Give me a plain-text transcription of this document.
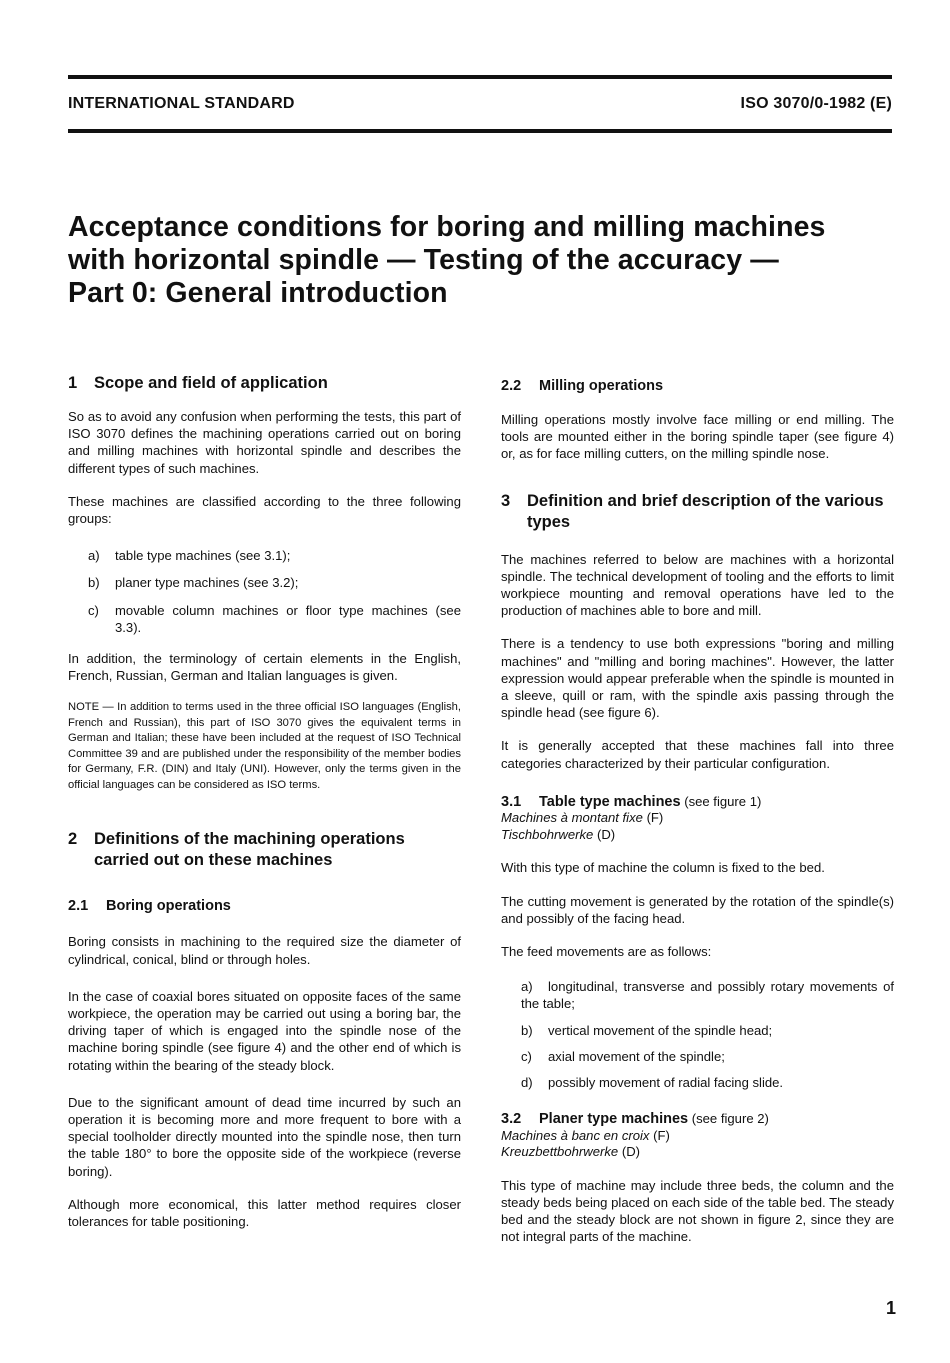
INTERNATIONAL STANDARD	ISO 3070/0-1982 (E)
Acceptance conditions for boring and milling machines
with horizontal spindle — Testing of the accuracy —
Part 0: General introduction
1	Scope and field of application

So as to avoid any confusion when performing the tests, this part of ISO 3070 defines the machining operations carried out on boring and milling machines with horizontal spindle and describes the different types of such machines.

These machines are classified according to the three following groups:

a)	table type machines (see 3.1);
b)	planer type machines (see 3.2);
c)	movable column machines or floor type machines (see 3.3).

In addition, the terminology of certain elements in the English, French, Russian, German and Italian languages is given.

NOTE — In addition to terms used in the three official ISO languages (English, French and Russian), this part of ISO 3070 gives the equivalent terms in German and Italian; these have been included at the request of ISO Technical Committee 39 and are published under the responsibility of the member bodies for Germany, F.R. (DIN) and Italy (UNI). However, only the terms given in the official languages can be considered as ISO terms.

2	Definitions of the machining operations carried out on these machines
2.1	Boring operations

Boring consists in machining to the required size the diameter of cylindrical, conical, blind or through holes.

In the case of coaxial bores situated on opposite faces of the same workpiece, the operation may be carried out using a boring bar, the driving taper of which is engaged into the spindle nose of the machine boring spindle (see figure 4) and the other end of which is rotating within the bearing of the steady block.

Due to the significant amount of dead time incurred by such an operation it is becoming more and more frequent to bore with a special toolholder directly mounted into the spindle nose, then turn the table 180° to bore the opposite side of the workpiece (reverse boring).

Although more economical, this latter method requires closer tolerances for table positioning.

2.2	Milling operations

Milling operations mostly involve face milling or end milling. The tools are mounted either in the boring spindle taper (see figure 4) or, as for face milling cutters, on the milling spindle nose.

3	Definition and brief description of the various types

The machines referred to below are machines with a horizontal spindle. The technical development of tooling and the efforts to limit workpiece mounting and removal operations have led to the production of machines able to bore and mill.

There is a tendency to use both expressions "boring and milling machines" and "milling and boring machines". However, the latter expression would appear preferable when the spindle is mounted in a sleeve, quill or ram, with the spindle axis passing through the spindle head (see figure 6).

It is generally accepted that these machines fall into three categories characterized by their particular configuration.

3.1 Table type machines (see figure 1)
Machines à montant fixe (F)
Tischbohrwerke (D)

With this type of machine the column is fixed to the bed.

The cutting movement is generated by the rotation of the spindle(s) and possibly of the facing head.

The feed movements are as follows:

a) longitudinal, transverse and possibly rotary movements of the table;
b)	vertical movement of the spindle head;
c)	axial movement of the spindle;
d)	possibly movement of radial facing slide.
3.2 Planer type machines (see figure 2)
Machines à banc en croix (F)
Kreuzbettbohrwerke (D)

This type of machine may include three beds, the column and the steady beds being placed on each side of the table bed. The steady bed and the steady block are not shown in figure 2, since they are not integral parts of the machine.

1
